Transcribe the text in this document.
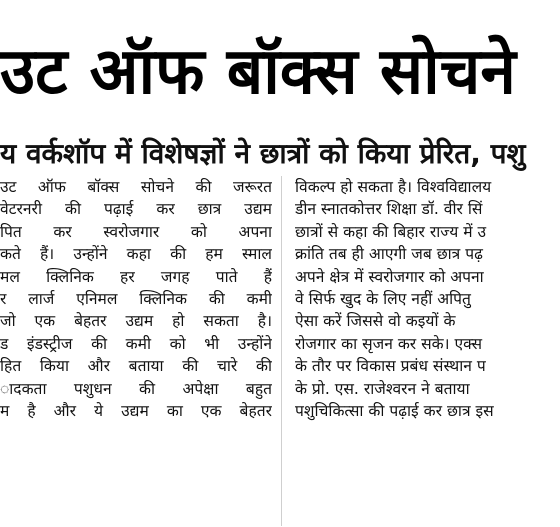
उट ऑफ बॉक्स सोचने
य वर्कशॉप में विशेषज्ञों ने छात्रों को किया प्रेरित, पशु
उट ऑफ बॉक्स सोचने की जरूरत
वेटरनरी की पढ़ाई कर छात्र उद्यम
पित कर स्वरोजगार को अपना
कते हैं। उन्होंने कहा की हम स्माल
मल क्लिनिक हर जगह पाते हैं
र लार्ज एनिमल क्लिनिक की कमी
जो एक बेहतर उद्यम हो सकता है।
ड इंडस्ट्रीज की कमी को भी उन्होंने
हित किया और बताया की चारे की
ादकता पशुधन की अपेक्षा बहुत
म है और ये उद्यम का एक बेहतर
विकल्प हो सकता है। विश्वविद्यालय
डीन स्नातकोत्तर शिक्षा डॉ. वीर सिं
छात्रों से कहा की बिहार राज्य में उ
क्रांति तब ही आएगी जब छात्र पढ़
अपने क्षेत्र में स्वरोजगार को अपना
वे सिर्फ खुद के लिए नहीं अपितु
ऐसा करें जिससे वो कइयों के
रोजगार का सृजन कर सके। एक्स
के तौर पर विकास प्रबंध संस्थान प
के प्रो. एस. राजेश्वरन ने बताया
पशुचिकित्सा की पढ़ाई कर छात्र इस
